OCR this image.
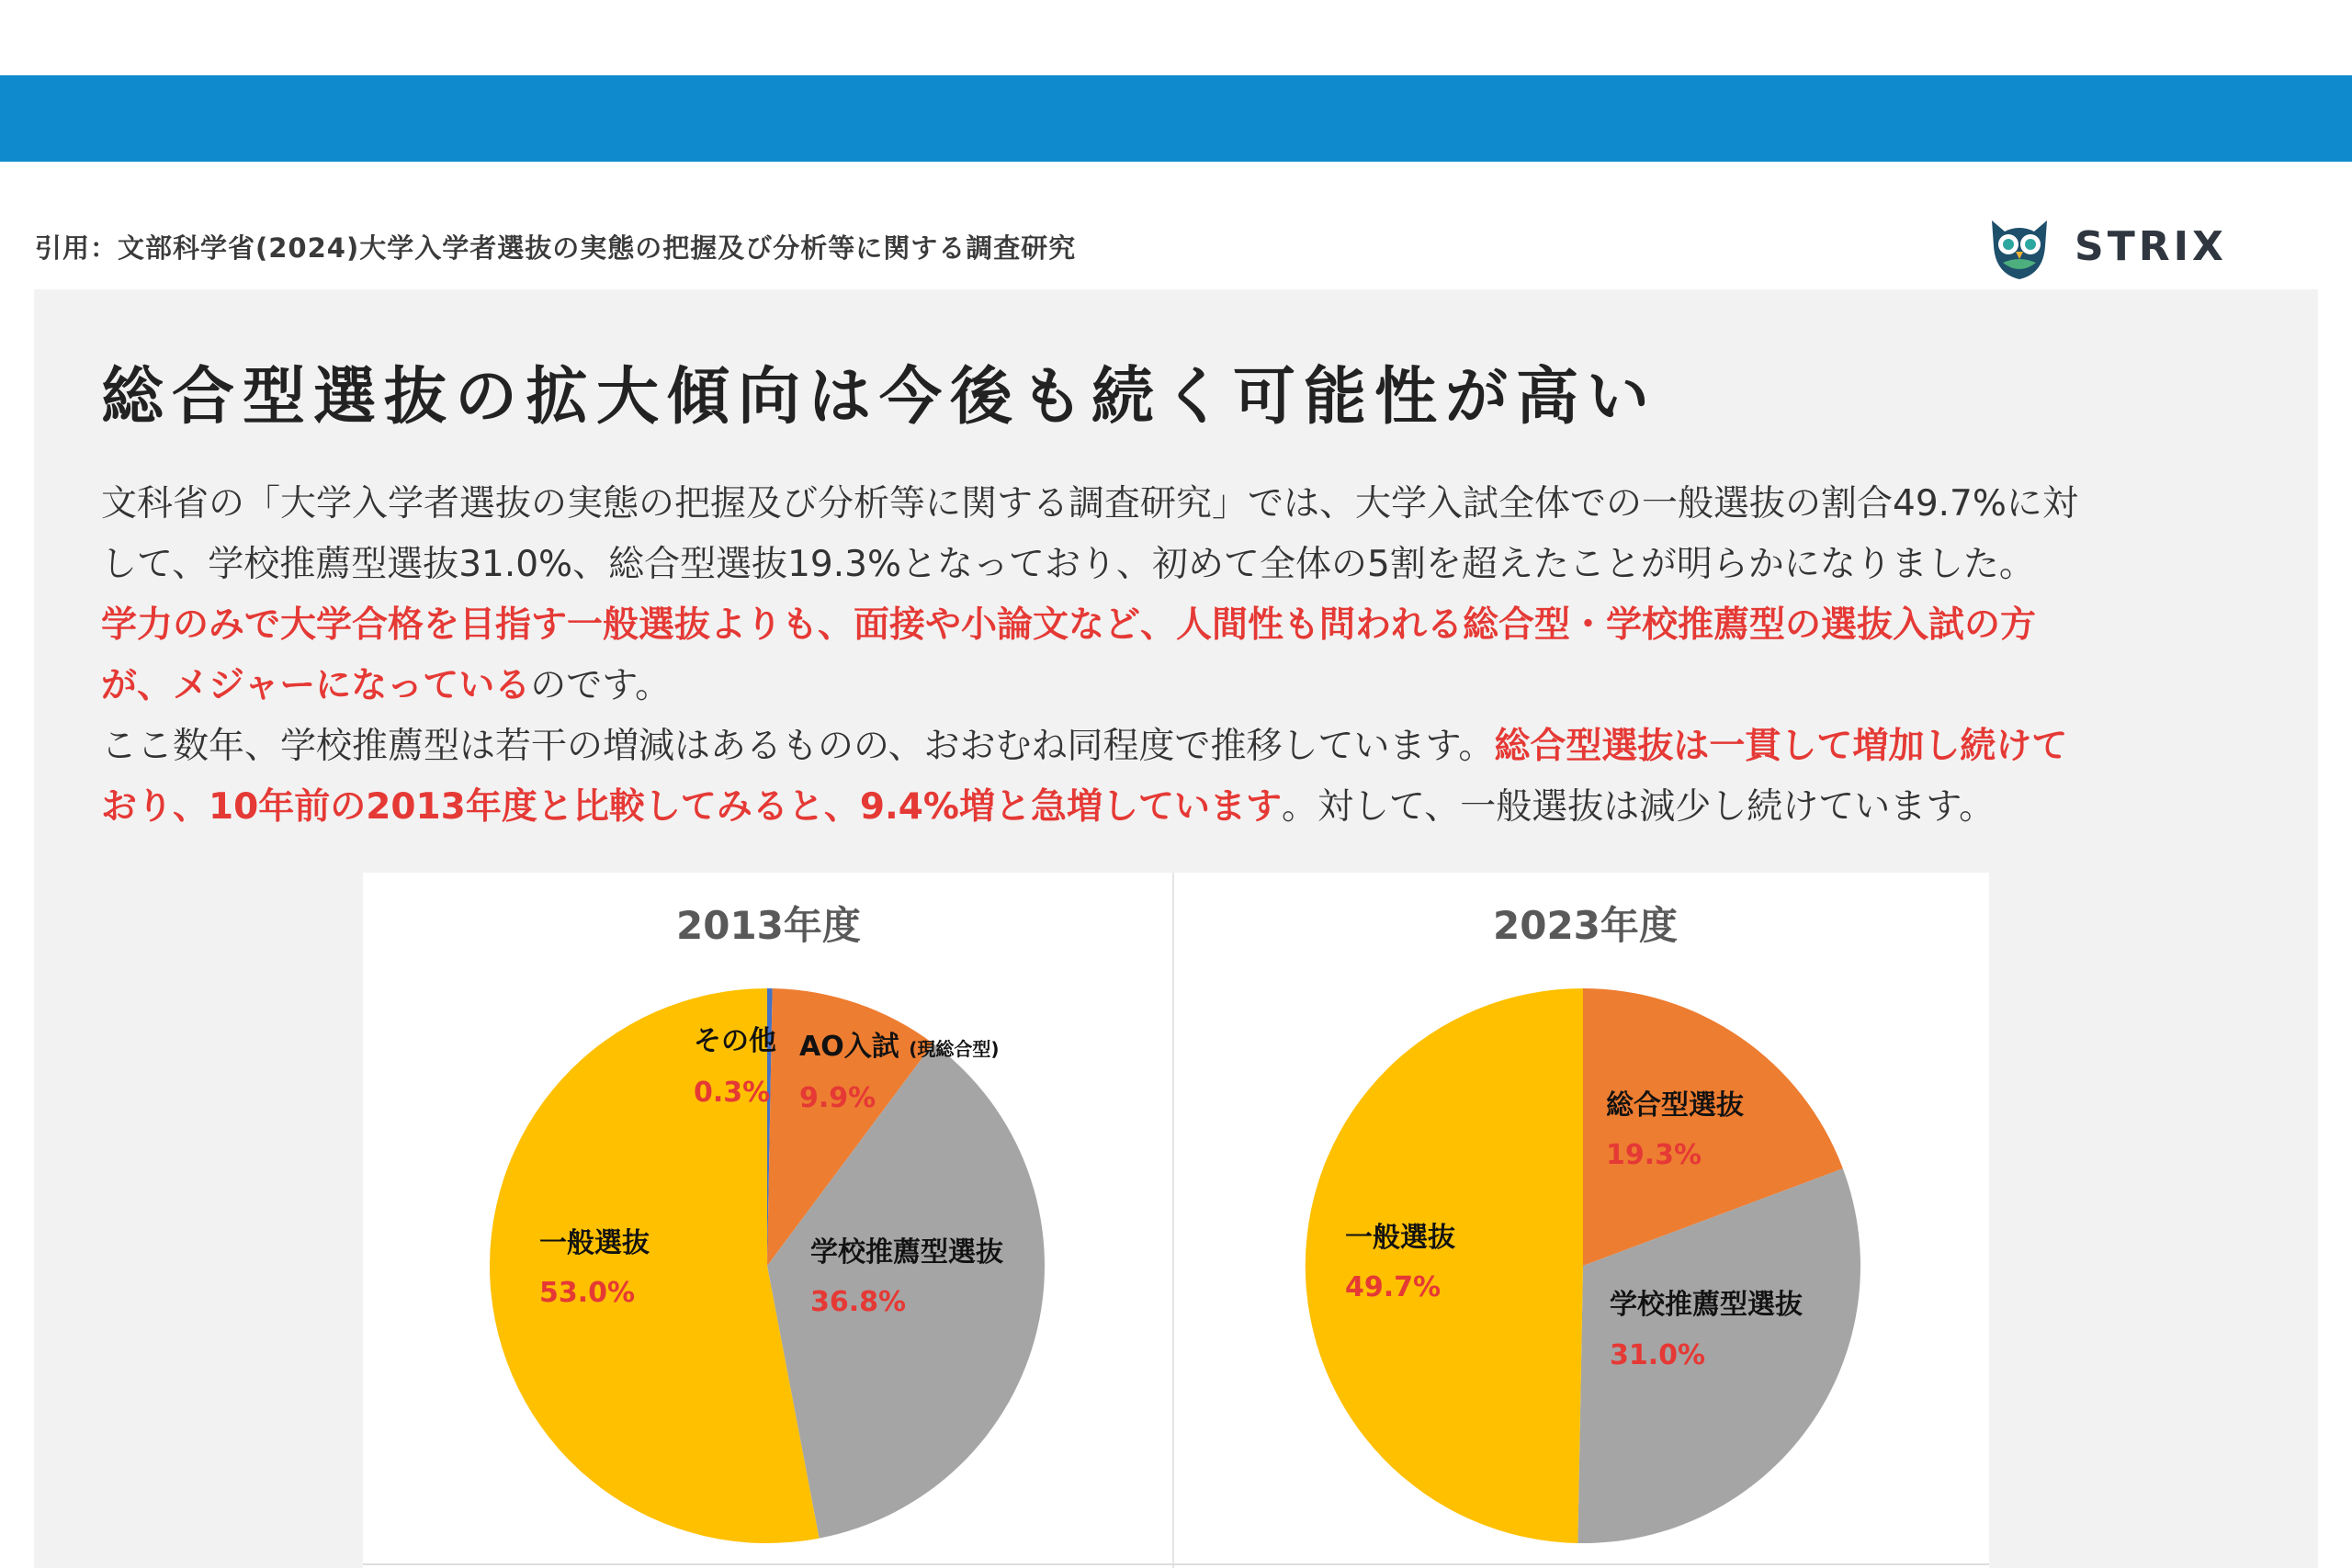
引用：文部科学省(2024)大学入学者選抜の実態の把握及び分析等に関する調査研究	STRIX
総合型選抜の拡大傾向は今後も続く可能性が高い
文科省の「大学入学者選抜の実態の把握及び分析等に関する調査研究」では、大学入試全体での一般選抜の割合49.7%に対
して、学校推薦型選抜31.0%、総合型選抜19.3%となっており、初めて全体の5割を超えたことが明らかになりました。
学力のみで大学合格を目指す一般選抜よりも、面接や小論文など、人間性も問われる総合型・学校推薦型の選抜入試の方
が、メジャーになっているのです。
ここ数年、学校推薦型は若干の増減はあるものの、おおむね同程度で推移しています。総合型選抜は一貫して増加し続けて
おり、10年前の2013年度と比較してみると、9.4%増と急増しています。対して、一般選抜は減少し続けています。
2013年度
その他
0.3%
AO入試 (現総合型)
9.9%
学校推薦型選抜
36.8%
一般選抜
53.0%
2023年度
総合型選抜
19.3%
学校推薦型選抜
31.0%
一般選抜
49.7%
